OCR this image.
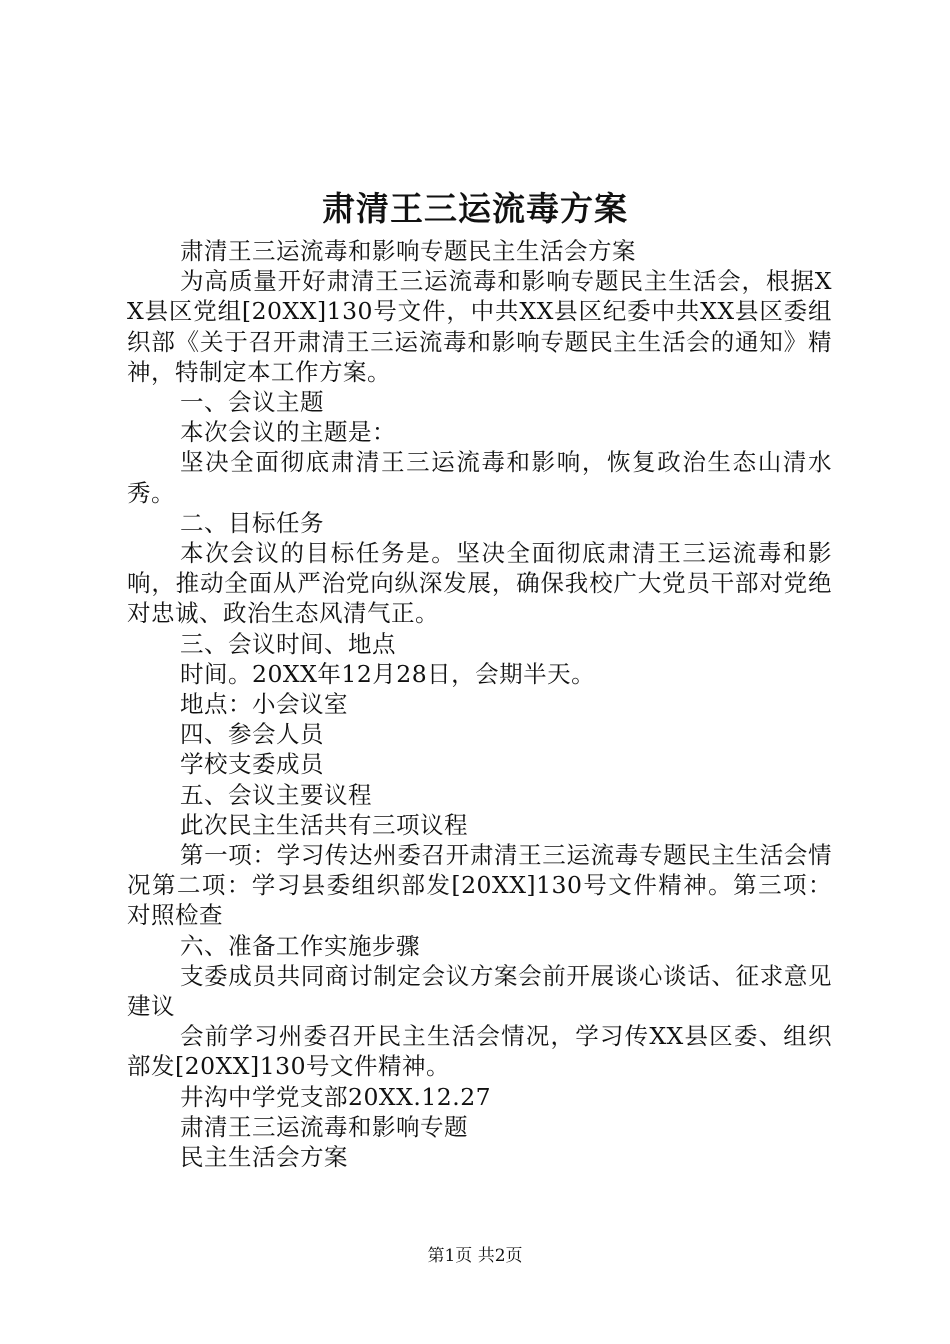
肃清王三运流毒方案

肃清王三运流毒和影响专题民主生活会方案

为高质量开好肃清王三运流毒和影响专题民主生活会，根据XX县区党组[20XX]130号文件，中共XX县区纪委中共XX县区委组织部《关于召开肃清王三运流毒和影响专题民主生活会的通知》精神，特制定本工作方案。

一、会议主题

本次会议的主题是：

坚决全面彻底肃清王三运流毒和影响，恢复政治生态山清水秀。

二、目标任务

本次会议的目标任务是。坚决全面彻底肃清王三运流毒和影响，推动全面从严治党向纵深发展，确保我校广大党员干部对党绝对忠诚、政治生态风清气正。

三、会议时间、地点

时间。20XX年12月28日，会期半天。

地点：小会议室

四、参会人员

学校支委成员

五、会议主要议程

此次民主生活共有三项议程

第一项：学习传达州委召开肃清王三运流毒专题民主生活会情况第二项：学习县委组织部发[20XX]130号文件精神。第三项：对照检查

六、准备工作实施步骤

支委成员共同商讨制定会议方案会前开展谈心谈话、征求意见建议

会前学习州委召开民主生活会情况，学习传XX县区委、组织部发[20XX]130号文件精神。

井沟中学党支部20XX.12.27

肃清王三运流毒和影响专题

民主生活会方案

第1页 共2页
